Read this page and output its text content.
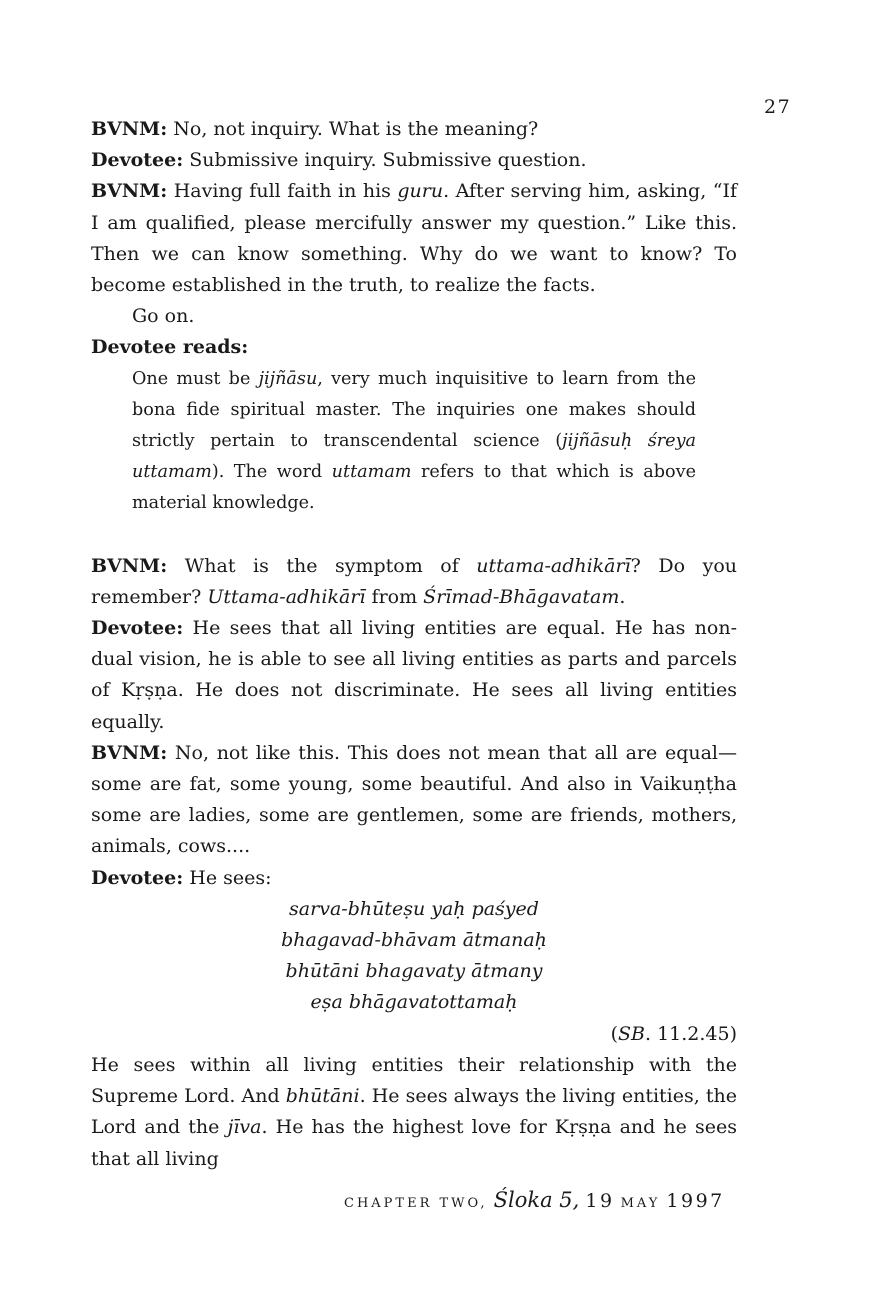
27

BVNM: No, not inquiry. What is the meaning?

Devotee: Submissive inquiry. Submissive question.

BVNM: Having full faith in his guru. After serving him, asking, “If I am qualified, please mercifully answer my question.” Like this. Then we can know something. Why do we want to know? To become established in the truth, to realize the facts.

Go on.

Devotee reads:

One must be jijñāsu, very much inquisitive to learn from the bona fide spiritual master. The inquiries one makes should strictly pertain to transcendental science (jijñāsuḥ śreya uttamam). The word uttamam refers to that which is above material knowledge.

BVNM: What is the symptom of uttama-adhikārī? Do you remember? Uttama-adhikārī from Śrīmad-Bhāgavatam.

Devotee: He sees that all living entities are equal. He has non-dual vision, he is able to see all living entities as parts and parcels of Kṛṣṇa. He does not discriminate. He sees all living entities equally.

BVNM: No, not like this. This does not mean that all are equal—some are fat, some young, some beautiful. And also in Vaikuṇṭha some are ladies, some are gentlemen, some are friends, mothers, animals, cows....

Devotee: He sees:

sarva-bhūteṣu yaḥ paśyed
bhagavad-bhāvam ātmanaḥ
bhūtāni bhagavaty ātmany
eṣa bhāgavatottamaḥ

(SB. 11.2.45)

He sees within all living entities their relationship with the Supreme Lord. And bhūtāni. He sees always the living entities, the Lord and the jīva. He has the highest love for Kṛṣṇa and he sees that all living

CHAPTER TWO, Śloka 5, 19 MAY 1997
